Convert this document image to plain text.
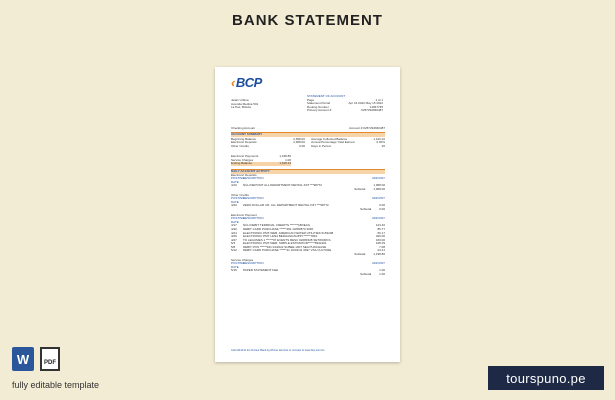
BANK STATEMENT
‹BCP
Jelani Urbina
Avenida Medina 501
La Paz, Bolivia
STATEMENT OF ACCOUNT
Page	1 of 1
Statement Period	Apr 16 2022 May 15 2022
Routing Number	11967735
Primary Account #	0257294660487
Checking Account	Account # 0257294660487
ACCOUNT SUMMARY
Beginning Balance	2,698.00
Electronic Deposits	2,968.00
Other Credits	0.00
Average Collected Balance	1,120.10
Annual Percentage Yield Earned	0.00%
Days in Period	30
Electronic Payments	1,198.86
Service Charges	1.00
Ending Balance	1,618.13
DAILY ACCOUNT ACTIVITY
Electronic Deposits
POSTING DATE
DESCRIPTION	AMOUNT
4/10	NCH DEPOSIT ALL DEPARTMENT RENTAL INIT ***98772	1,968.00
Subtotal	1,968.00
Other Credits
POSTING DATE
DESCRIPTION	AMOUNT
4/20	ZERO DOLLAR CR. ALL DEPARTMENT RENTAL INIT ***98772	0.00
Subtotal	0.00
Electronic Payment
POSTING DATE
DESCRIPTION	AMOUNT
4/17	NCH DEBIT TERMINAL CREDITS *******186/EAG	123.40
4/20	DEBIT CARD PURCHASE ******491 10/08/870 3030	85.77
4/24	ELECTRONIC PMT-WEB, AMERICAN WATER UTILITIES 5153208	66.17
4/26	ELECTRONIC PMT LENA BERHANGSUPPI ******7891	320.00
4/27	TO LEGUMES 1 ******97 EVENTS RESC 02081528 SETWORKS	160.00
5/3	ELECTRONIC PMT-WEB, SIMPLE ESTIMATOR******8942101	168.29
5/8	DEBIT POS ******941 04/2022 SUBEE 1007 SEA PURCHASE	7.08
5/12	DEBIT CARD PURCHASE ******41 10/03/41 3097 VSA CULTURE	23.41
Subtotal	1,198.86
Service Charges
POSTING DATE
DESCRIPTION	AMOUNT
5/15	PAPER STATEMENT FEE	1.00
Subtotal	1.00
Call 2114141 for 24-hour Bank-by-Phone services or connect to www.bcp.com.bo
W	PDF
fully editable template	tourspuno.pe
